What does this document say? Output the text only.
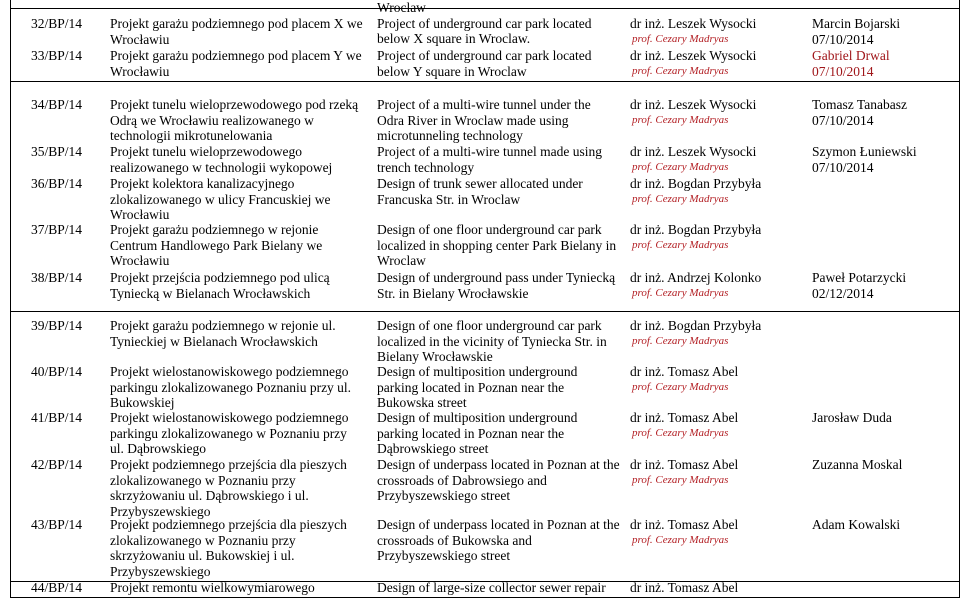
32/BP/14 Projekt garażu podziemnego pod placem X we
Wrocławiu
Wroclaw
Project of underground car park located
below X square in Wroclaw.
dr inż. Leszek Wysocki
prof. Cezary Madryas
Marcin Bojarski
07/10/2014
33/BP/14 Projekt garażu podziemnego pod placem Y we
Wrocławiu
Project of underground car park located
below Y square in Wroclaw
dr inż. Leszek Wysocki
prof. Cezary Madryas
Gabriel Drwal
07/10/2014
34/BP/14 Projekt tunelu wieloprzewodowego pod rzeką
Odrą we Wrocławiu realizowanego w
technologii mikrotunelowania
Project of a multi-wire tunnel under the
Odra River in Wroclaw made using
microtunneling technology
dr inż. Leszek Wysocki
prof. Cezary Madryas
Tomasz Tanabasz
07/10/2014
35/BP/14 Projekt tunelu wieloprzewodowego
realizowanego w technologii wykopowej
Project of a multi-wire tunnel made using
trench technology
dr inż. Leszek Wysocki
prof. Cezary Madryas
Szymon Łuniewski
07/10/2014
36/BP/14 Projekt kolektora kanalizacyjnego
zlokalizowanego w ulicy Francuskiej we
Wrocławiu
Design of trunk sewer allocated under
Francuska Str. in Wroclaw
dr inż. Bogdan Przybyła
prof. Cezary Madryas
37/BP/14 Projekt garażu podziemnego w rejonie
Centrum Handlowego Park Bielany we
Wrocławiu
Design of one floor underground car park
localized in shopping center Park Bielany in
Wroclaw
dr inż. Bogdan Przybyła
prof. Cezary Madryas
38/BP/14 Projekt przejścia podziemnego pod ulicą
Tyniecką w Bielanach Wrocławskich
Design of underground pass under Tyniecką
Str. in Bielany Wrocławskie
dr inż. Andrzej Kolonko
prof. Cezary Madryas
Paweł Potarzycki
02/12/2014
39/BP/14 Projekt garażu podziemnego w rejonie ul.
Tynieckiej w Bielanach Wrocławskich
Design of one floor underground car park
localized in the vicinity of Tyniecka Str. in
Bielany Wrocławskie
dr inż. Bogdan Przybyła
prof. Cezary Madryas
40/BP/14 Projekt wielostanowiskowego podziemnego
parkingu zlokalizowanego Poznaniu przy ul.
Bukowskiej
Design of multiposition underground
parking located in Poznan near the
Bukowska street
dr inż. Tomasz Abel
prof. Cezary Madryas
41/BP/14 Projekt wielostanowiskowego podziemnego
parkingu zlokalizowanego w Poznaniu przy
ul. Dąbrowskiego
Design of multiposition underground
parking located in Poznan near the
Dąbrowskiego street
dr inż. Tomasz Abel
prof. Cezary Madryas
Jarosław Duda
42/BP/14 Projekt podziemnego przejścia dla pieszych
zlokalizowanego w Poznaniu przy
skrzyżowaniu ul. Dąbrowskiego i ul.
Przybyszewskiego
Design of underpass located in Poznan at the
crossroads of Dabrowsiego and
Przybyszewskiego street
dr inż. Tomasz Abel
prof. Cezary Madryas
Zuzanna Moskal
43/BP/14 Projekt podziemnego przejścia dla pieszych
zlokalizowanego w Poznaniu przy
skrzyżowaniu ul. Bukowskiej i ul.
Przybyszewskiego
Design of underpass located in Poznan at the
crossroads of Bukowska and
Przybyszewskiego street
dr inż. Tomasz Abel
prof. Cezary Madryas
Adam Kowalski
44/BP/14 Projekt remontu wielkowymiarowego	Design of large-size collector sewer repair dr inż. Tomasz Abel
